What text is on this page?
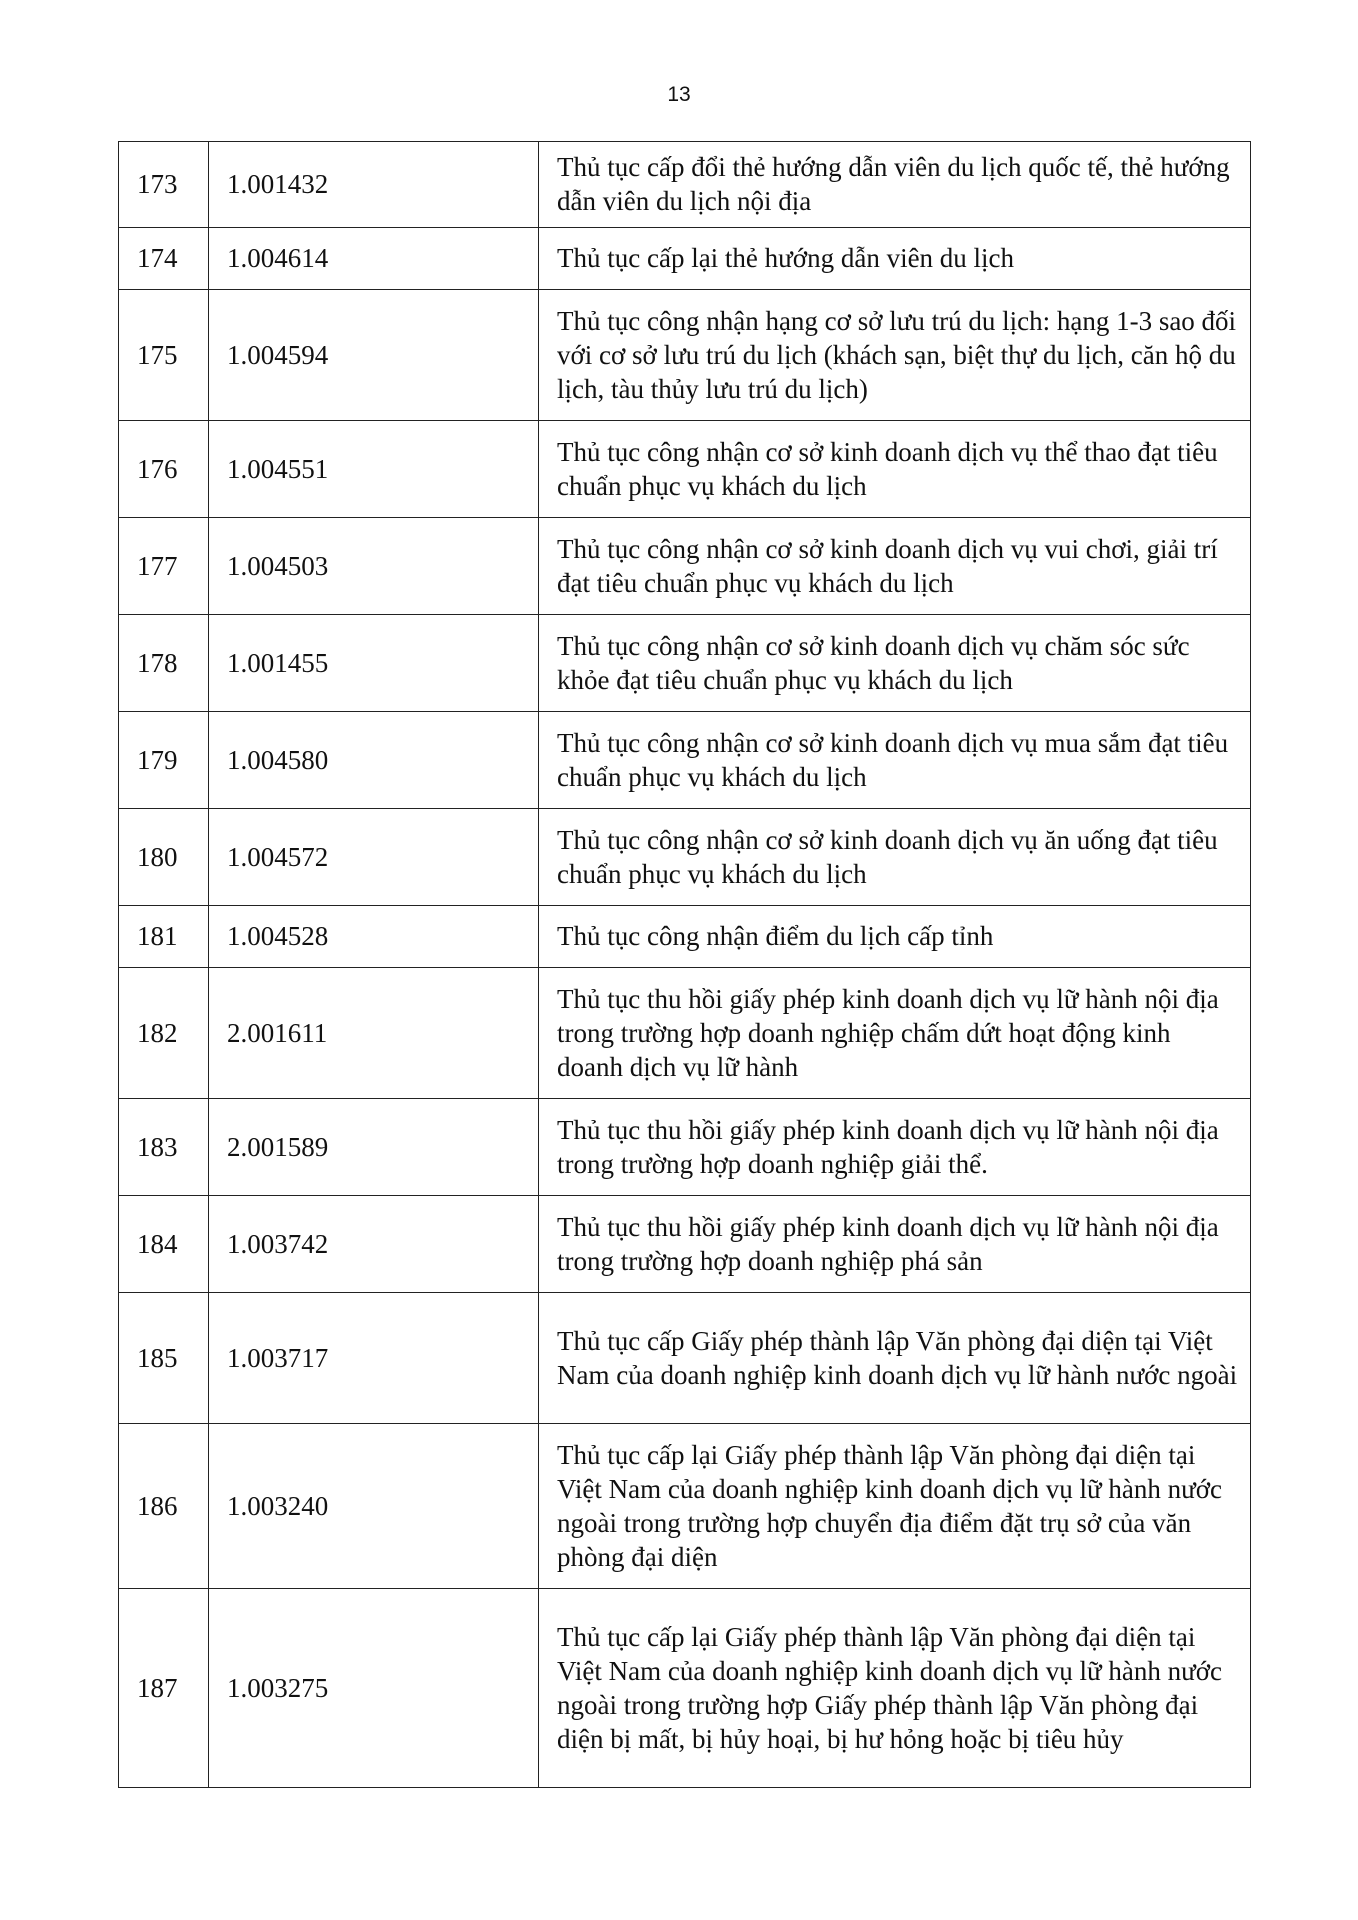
13
173	1.001432	Thủ tục cấp đổi thẻ hướng dẫn viên du lịch quốc tế, thẻ hướng dẫn viên du lịch nội địa
174	1.004614	Thủ tục cấp lại thẻ hướng dẫn viên du lịch
175	1.004594	Thủ tục công nhận hạng cơ sở lưu trú du lịch: hạng 1-3 sao đối với cơ sở lưu trú du lịch (khách sạn, biệt thự du lịch, căn hộ du lịch, tàu thủy lưu trú du lịch)
176	1.004551	Thủ tục công nhận cơ sở kinh doanh dịch vụ thể thao đạt tiêu chuẩn phục vụ khách du lịch
177	1.004503	Thủ tục công nhận cơ sở kinh doanh dịch vụ vui chơi, giải trí đạt tiêu chuẩn phục vụ khách du lịch
178	1.001455	Thủ tục công nhận cơ sở kinh doanh dịch vụ chăm sóc sức khỏe đạt tiêu chuẩn phục vụ khách du lịch
179	1.004580	Thủ tục công nhận cơ sở kinh doanh dịch vụ mua sắm đạt tiêu chuẩn phục vụ khách du lịch
180	1.004572	Thủ tục công nhận cơ sở kinh doanh dịch vụ ăn uống đạt tiêu chuẩn phục vụ khách du lịch
181	1.004528	Thủ tục công nhận điểm du lịch cấp tỉnh
182	2.001611	Thủ tục thu hồi giấy phép kinh doanh dịch vụ lữ hành nội địa trong trường hợp doanh nghiệp chấm dứt hoạt động kinh doanh dịch vụ lữ hành
183	2.001589	Thủ tục thu hồi giấy phép kinh doanh dịch vụ lữ hành nội địa trong trường hợp doanh nghiệp giải thể.
184	1.003742	Thủ tục thu hồi giấy phép kinh doanh dịch vụ lữ hành nội địa trong trường hợp doanh nghiệp phá sản
185	1.003717	Thủ tục cấp Giấy phép thành lập Văn phòng đại diện tại Việt Nam của doanh nghiệp kinh doanh dịch vụ lữ hành nước ngoài
186	1.003240	Thủ tục cấp lại Giấy phép thành lập Văn phòng đại diện tại Việt Nam của doanh nghiệp kinh doanh dịch vụ lữ hành nước ngoài trong trường hợp chuyển địa điểm đặt trụ sở của văn phòng đại diện
187	1.003275	Thủ tục cấp lại Giấy phép thành lập Văn phòng đại diện tại Việt Nam của doanh nghiệp kinh doanh dịch vụ lữ hành nước ngoài trong trường hợp Giấy phép thành lập Văn phòng đại diện bị mất, bị hủy hoại, bị hư hỏng hoặc bị tiêu hủy
